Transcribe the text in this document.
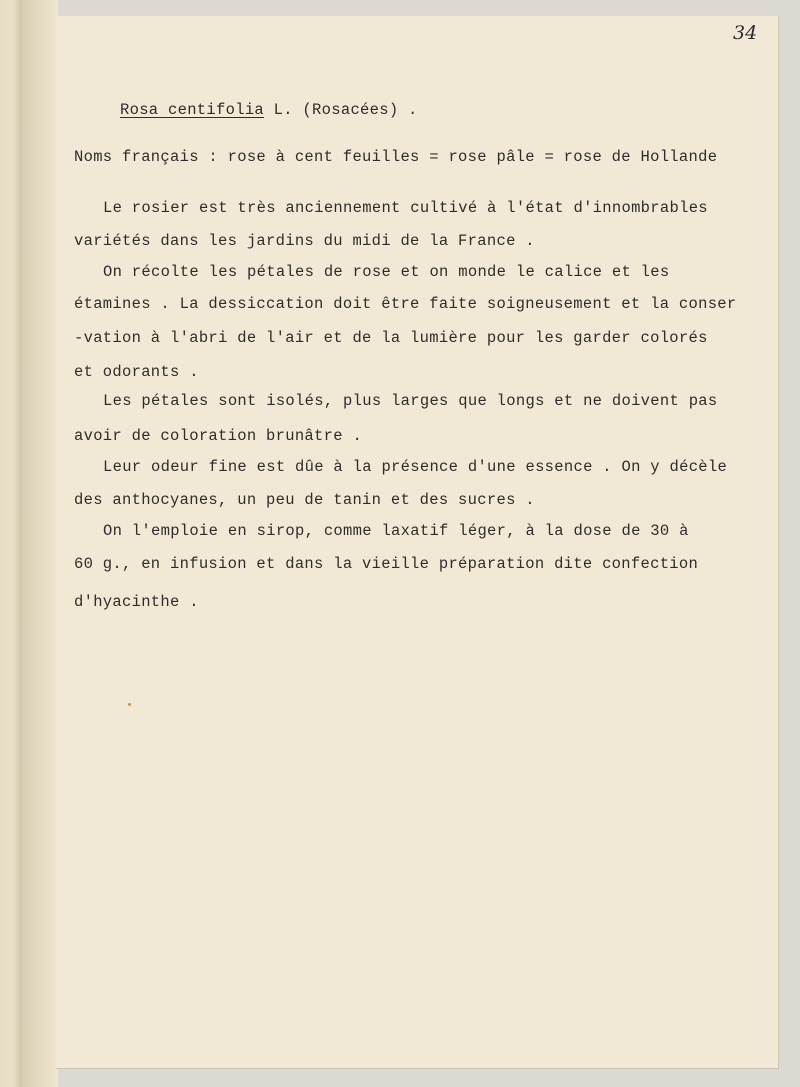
34
Rosa centifolia L. (Rosacées) .
Noms français : rose à cent feuilles = rose pâle = rose de Hollande
Le rosier est très anciennement cultivé à l'état d'innombrables
variétés dans les jardins du midi de la France .
On récolte les pétales de rose et on monde le calice et les
étamines . La dessiccation doit être faite soigneusement et la conser
-vation à l'abri de l'air et de la lumière pour les garder colorés
et odorants .
Les pétales sont isolés, plus larges que longs et ne doivent pas
avoir de coloration brunâtre .
Leur odeur fine est dûe à la présence d'une essence . On y décèle
des anthocyanes, un peu de tanin et des sucres .
On l'emploie en sirop, comme laxatif léger, à la dose de 30 à
60 g., en infusion et dans la vieille préparation dite confection
d'hyacinthe .
